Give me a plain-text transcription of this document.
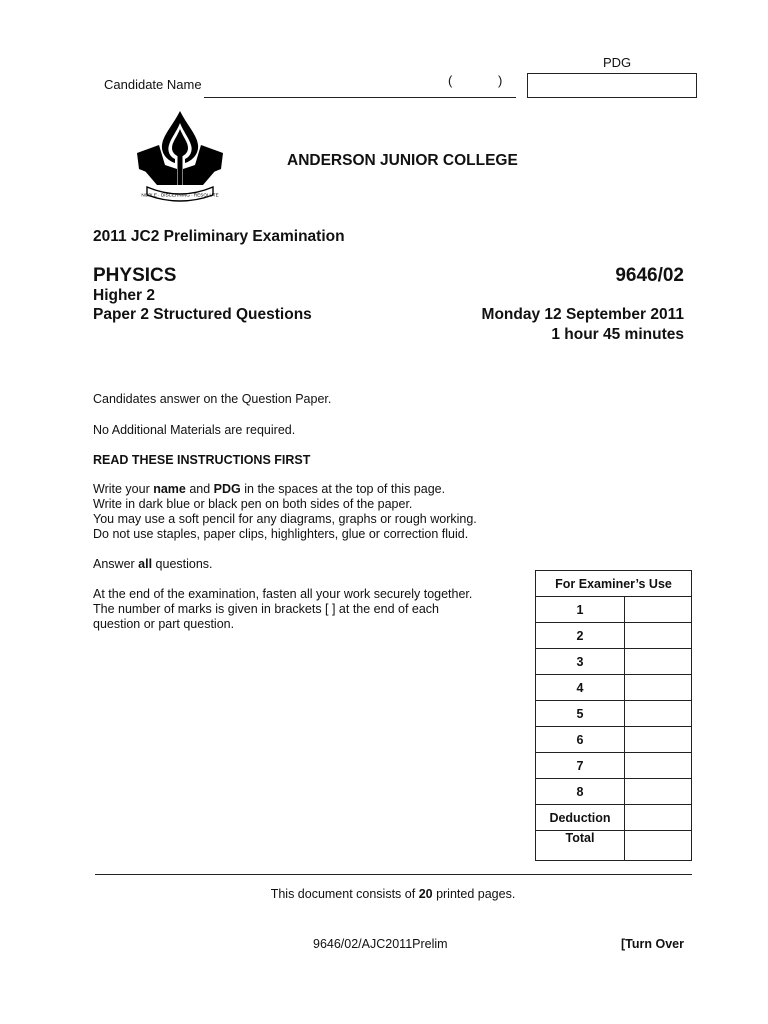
PDG
Candidate Name	(	)
NOBLE · DISCERNING · RESOLUTE
ANDERSON JUNIOR COLLEGE
2011 JC2 Preliminary Examination
PHYSICS	9646/02
Higher 2
Paper 2 Structured Questions	Monday 12 September 2011
1 hour 45 minutes
Candidates answer on the Question Paper.
No Additional Materials are required.
READ THESE INSTRUCTIONS FIRST
Write your name and PDG in the spaces at the top of this page.
Write in dark blue or black pen on both sides of the paper.
You may use a soft pencil for any diagrams, graphs or rough working.
Do not use staples, paper clips, highlighters, glue or correction fluid.
Answer all questions.
At the end of the examination, fasten all your work securely together.
The number of marks is given in brackets [ ] at the end of each
question or part question.
For Examiner’s Use	
1	
2	
3	
4	
5	
6	
7	
8	
Deduction	
Total	
This document consists of 20 printed pages.
9646/02/AJC2011Prelim	[Turn Over
